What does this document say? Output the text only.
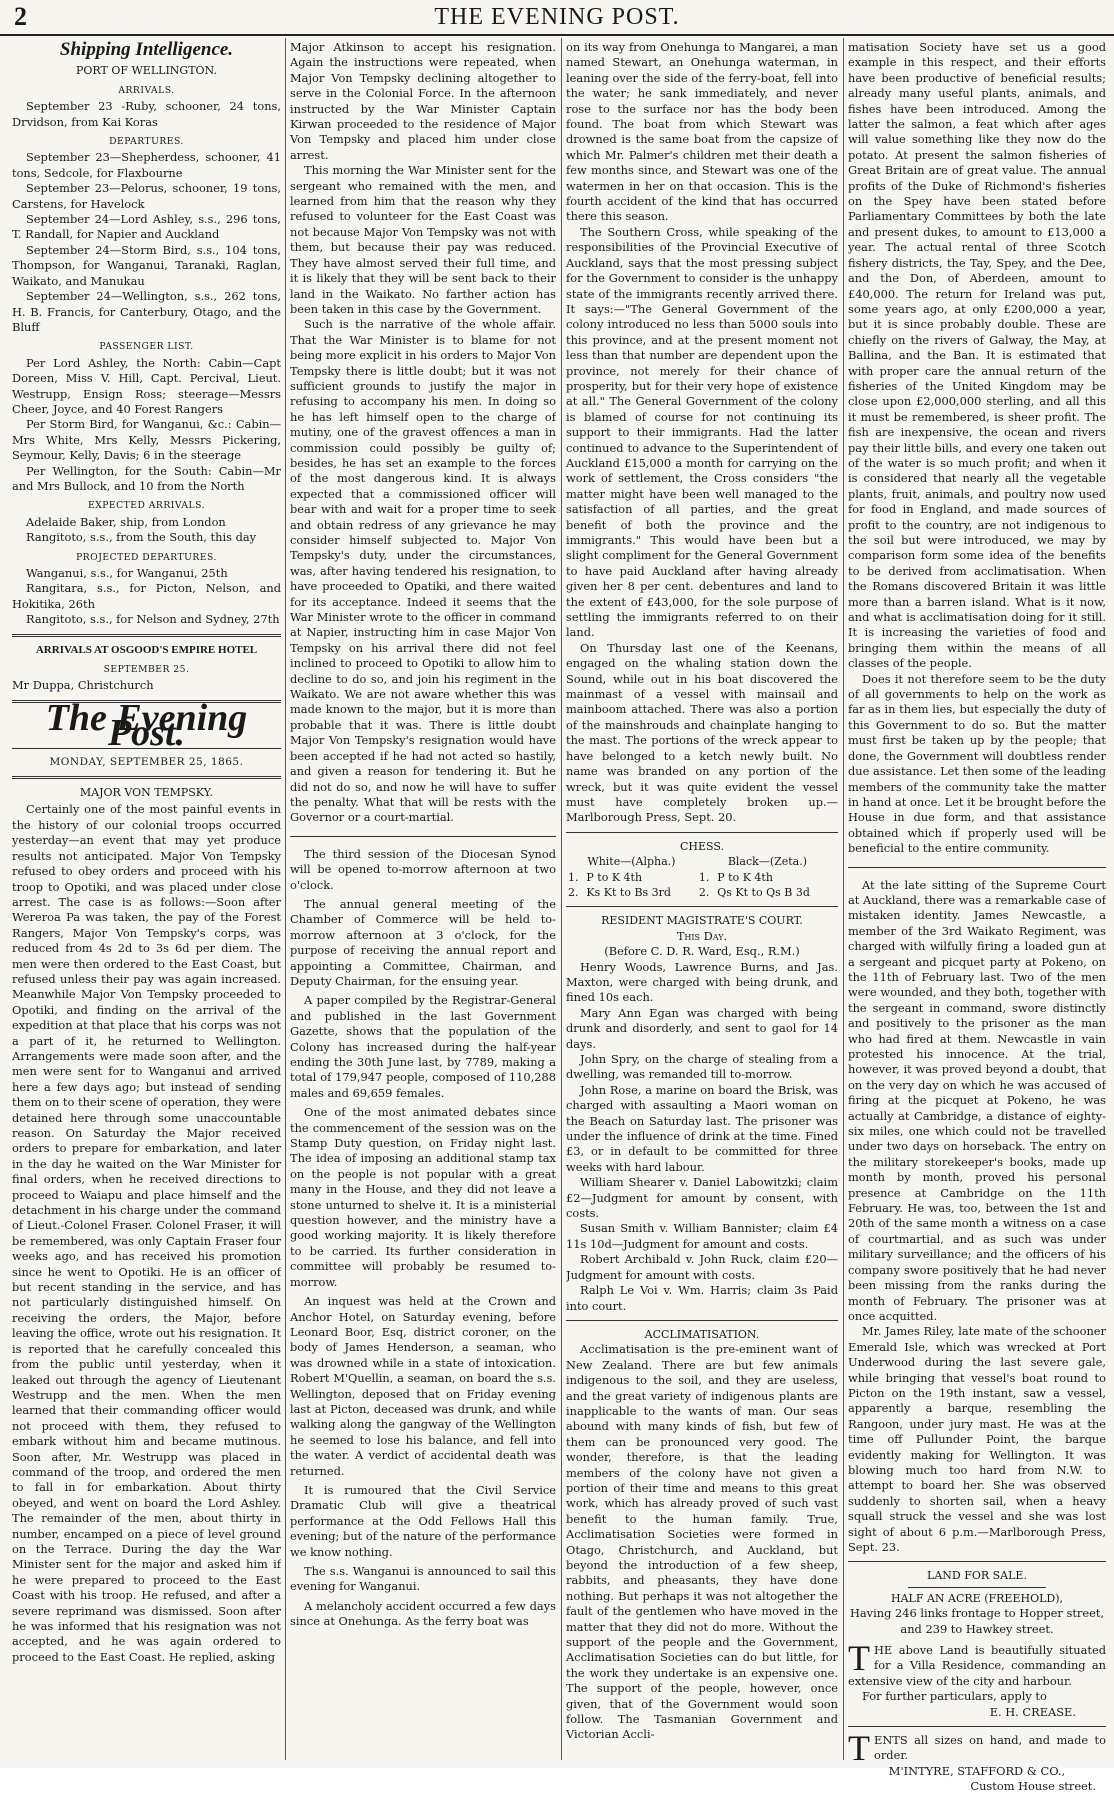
2	THE EVENING POST.
Shipping Intelligence.
PORT OF WELLINGTON.
ARRIVALS.

September 23 -Ruby, schooner, 24 tons, Drvidson, from Kai Koras

DEPARTURES.

September 23—Shepherdess, schooner, 41 tons, Sedcole, for Flaxbourne

September 23—Pelorus, schooner, 19 tons, Carstens, for Havelock

September 24—Lord Ashley, s.s., 296 tons, T. Randall, for Napier and Auckland

September 24—Storm Bird, s.s., 104 tons, Thompson, for Wanganui, Taranaki, Raglan, Waikato, and Manukau

September 24—Wellington, s.s., 262 tons, H. B. Francis, for Canterbury, Otago, and the Bluff

PASSENGER LIST.

Per Lord Ashley, the North: Cabin—Capt Doreen, Miss V. Hill, Capt. Percival, Lieut. Westrupp, Ensign Ross; steerage—Messrs Cheer, Joyce, and 40 Forest Rangers

Per Storm Bird, for Wanganui, &c.: Cabin—Mrs White, Mrs Kelly, Messrs Pickering, Seymour, Kelly, Davis; 6 in the steerage

Per Wellington, for the South: Cabin—Mr and Mrs Bullock, and 10 from the North

EXPECTED ARRIVALS.

Adelaide Baker, ship, from London

Rangitoto, s.s., from the South, this day

PROJECTED DEPARTURES.

Wanganui, s.s., for Wanganui, 25th

Rangitara, s.s., for Picton, Nelson, and Hokitika, 26th

Rangitoto, s.s., for Nelson and Sydney, 27th

ARRIVALS AT OSGOOD'S EMPIRE HOTEL
SEPTEMBER 25.

Mr Duppa, Christchurch

The Evening Post.
MONDAY, SEPTEMBER 25, 1865.
MAJOR VON TEMPSKY.

Certainly one of the most painful events in the history of our colonial troops occurred yesterday—an event that may yet produce results not anticipated. Major Von Tempsky refused to obey orders and proceed with his troop to Opotiki, and was placed under close arrest. The case is as follows:—Soon after Wereroa Pa was taken, the pay of the Forest Rangers, Major Von Tempsky's corps, was reduced from 4s 2d to 3s 6d per diem. The men were then ordered to the East Coast, but refused unless their pay was again increased. Meanwhile Major Von Tempsky proceeded to Opotiki, and finding on the arrival of the expedition at that place that his corps was not a part of it, he returned to Wellington. Arrangements were made soon after, and the men were sent for to Wanganui and arrived here a few days ago; but instead of sending them on to their scene of operation, they were detained here through some unaccountable reason. On Saturday the Major received orders to prepare for embarkation, and later in the day he waited on the War Minister for final orders, when he received directions to proceed to Waiapu and place himself and the detachment in his charge under the command of Lieut.-Colonel Fraser. Colonel Fraser, it will be remembered, was only Captain Fraser four weeks ago, and has received his promotion since he went to Opotiki. He is an officer of but recent standing in the service, and has not particularly distinguished himself. On receiving the orders, the Major, before leaving the office, wrote out his resignation. It is reported that he carefully concealed this from the public until yesterday, when it leaked out through the agency of Lieutenant Westrupp and the men. When the men learned that their commanding officer would not proceed with them, they refused to embark without him and became mutinous. Soon after, Mr. Westrupp was placed in command of the troop, and ordered the men to fall in for embarkation. About thirty obeyed, and went on board the Lord Ashley. The remainder of the men, about thirty in number, encamped on a piece of level ground on the Terrace. During the day the War Minister sent for the major and asked him if he were prepared to proceed to the East Coast with his troop. He refused, and after a severe reprimand was dismissed. Soon after he was informed that his resignation was not accepted, and he was again ordered to proceed to the East Coast. He replied, asking

Major Atkinson to accept his resignation. Again the instructions were repeated, when Major Von Tempsky declining altogether to serve in the Colonial Force. In the afternoon instructed by the War Minister Captain Kirwan proceeded to the residence of Major Von Tempsky and placed him under close arrest.

This morning the War Minister sent for the sergeant who remained with the men, and learned from him that the reason why they refused to volunteer for the East Coast was not because Major Von Tempsky was not with them, but because their pay was reduced. They have almost served their full time, and it is likely that they will be sent back to their land in the Waikato. No farther action has been taken in this case by the Government.

Such is the narrative of the whole affair. That the War Minister is to blame for not being more explicit in his orders to Major Von Tempsky there is little doubt; but it was not sufficient grounds to justify the major in refusing to accompany his men. In doing so he has left himself open to the charge of mutiny, one of the gravest offences a man in commission could possibly be guilty of; besides, he has set an example to the forces of the most dangerous kind. It is always expected that a commissioned officer will bear with and wait for a proper time to seek and obtain redress of any grievance he may consider himself subjected to. Major Von Tempsky's duty, under the circumstances, was, after having tendered his resignation, to have proceeded to Opatiki, and there waited for its acceptance. Indeed it seems that the War Minister wrote to the officer in command at Napier, instructing him in case Major Von Tempsky on his arrival there did not feel inclined to proceed to Opotiki to allow him to decline to do so, and join his regiment in the Waikato. We are not aware whether this was made known to the major, but it is more than probable that it was. There is little doubt Major Von Tempsky's resignation would have been accepted if he had not acted so hastily, and given a reason for tendering it. But he did not do so, and now he will have to suffer the penalty. What that will be rests with the Governor or a court-martial.

The third session of the Diocesan Synod will be opened to-morrow afternoon at two o'clock.

The annual general meeting of the Chamber of Commerce will be held to-morrow afternoon at 3 o'clock, for the purpose of receiving the annual report and appointing a Committee, Chairman, and Deputy Chairman, for the ensuing year.

A paper compiled by the Registrar-General and published in the last Government Gazette, shows that the population of the Colony has increased during the half-year ending the 30th June last, by 7789, making a total of 179,947 people, composed of 110,288 males and 69,659 females.

One of the most animated debates since the commencement of the session was on the Stamp Duty question, on Friday night last. The idea of imposing an additional stamp tax on the people is not popular with a great many in the House, and they did not leave a stone unturned to shelve it. It is a ministerial question however, and the ministry have a good working majority. It is likely therefore to be carried. Its further consideration in committee will probably be resumed to-morrow.

An inquest was held at the Crown and Anchor Hotel, on Saturday evening, before Leonard Boor, Esq, district coroner, on the body of James Henderson, a seaman, who was drowned while in a state of intoxication. Robert M'Quellin, a seaman, on board the s.s. Wellington, deposed that on Friday evening last at Picton, deceased was drunk, and while walking along the gangway of the Wellington he seemed to lose his balance, and fell into the water. A verdict of accidental death was returned.

It is rumoured that the Civil Service Dramatic Club will give a theatrical performance at the Odd Fellows Hall this evening; but of the nature of the performance we know nothing.

The s.s. Wanganui is announced to sail this evening for Wanganui.

A melancholy accident occurred a few days since at Onehunga. As the ferry boat was

on its way from Onehunga to Mangarei, a man named Stewart, an Onehunga waterman, in leaning over the side of the ferry-boat, fell into the water; he sank immediately, and never rose to the surface nor has the body been found. The boat from which Stewart was drowned is the same boat from the capsize of which Mr. Palmer's children met their death a few months since, and Stewart was one of the watermen in her on that occasion. This is the fourth accident of the kind that has occurred there this season.

The Southern Cross, while speaking of the responsibilities of the Provincial Executive of Auckland, says that the most pressing subject for the Government to consider is the unhappy state of the immigrants recently arrived there. It says:—"The General Government of the colony introduced no less than 5000 souls into this province, and at the present moment not less than that number are dependent upon the province, not merely for their chance of prosperity, but for their very hope of existence at all." The General Government of the colony is blamed of course for not continuing its support to their immigrants. Had the latter continued to advance to the Superintendent of Auckland £15,000 a month for carrying on the work of settlement, the Cross considers "the matter might have been well managed to the satisfaction of all parties, and the great benefit of both the province and the immigrants." This would have been but a slight compliment for the General Government to have paid Auckland after having already given her 8 per cent. debentures and land to the extent of £43,000, for the sole purpose of settling the immigrants referred to on their land.

On Thursday last one of the Keenans, engaged on the whaling station down the Sound, while out in his boat discovered the mainmast of a vessel with mainsail and mainboom attached. There was also a portion of the mainshrouds and chainplate hanging to the mast. The portions of the wreck appear to have belonged to a ketch newly built. No name was branded on any portion of the wreck, but it was quite evident the vessel must have completely broken up.—Marlborough Press, Sept. 20.

CHESS.
White—(Alpha.)		Black—(Zeta.)	
1.	P to K 4th	1.	P to K 4th
2.	Ks Kt to Bs 3rd	2.	Qs Kt to Qs B 3d
RESIDENT MAGISTRATE'S COURT.
This Day.
(Before C. D. R. Ward, Esq., R.M.)

Henry Woods, Lawrence Burns, and Jas. Maxton, were charged with being drunk, and fined 10s each.

Mary Ann Egan was charged with being drunk and disorderly, and sent to gaol for 14 days.

John Spry, on the charge of stealing from a dwelling, was remanded till to-morrow.

John Rose, a marine on board the Brisk, was charged with assaulting a Maori woman on the Beach on Saturday last. The prisoner was under the influence of drink at the time. Fined £3, or in default to be committed for three weeks with hard labour.

William Shearer v. Daniel Labowitzki; claim £2—Judgment for amount by consent, with costs.

Susan Smith v. William Bannister; claim £4 11s 10d—Judgment for amount and costs.

Robert Archibald v. John Ruck, claim £20—Judgment for amount with costs.

Ralph Le Voi v. Wm. Harris; claim 3s Paid into court.

ACCLIMATISATION.

Acclimatisation is the pre-eminent want of New Zealand. There are but few animals indigenous to the soil, and they are useless, and the great variety of indigenous plants are inapplicable to the wants of man. Our seas abound with many kinds of fish, but few of them can be pronounced very good. The wonder, therefore, is that the leading members of the colony have not given a portion of their time and means to this great work, which has already proved of such vast benefit to the human family. True, Acclimatisation Societies were formed in Otago, Christchurch, and Auckland, but beyond the introduction of a few sheep, rabbits, and pheasants, they have done nothing. But perhaps it was not altogether the fault of the gentlemen who have moved in the matter that they did not do more. Without the support of the people and the Government, Acclimatisation Societies can do but little, for the work they undertake is an expensive one. The support of the people, however, once given, that of the Government would soon follow. The Tasmanian Government and Victorian Accli-

matisation Society have set us a good example in this respect, and their efforts have been productive of beneficial results; already many useful plants, animals, and fishes have been introduced. Among the latter the salmon, a feat which after ages will value something like they now do the potato. At present the salmon fisheries of Great Britain are of great value. The annual profits of the Duke of Richmond's fisheries on the Spey have been stated before Parliamentary Committees by both the late and present dukes, to amount to £13,000 a year. The actual rental of three Scotch fishery districts, the Tay, Spey, and the Dee, and the Don, of Aberdeen, amount to £40,000. The return for Ireland was put, some years ago, at only £200,000 a year, but it is since probably double. These are chiefly on the rivers of Galway, the May, at Ballina, and the Ban. It is estimated that with proper care the annual return of the fisheries of the United Kingdom may be close upon £2,000,000 sterling, and all this it must be remembered, is sheer profit. The fish are inexpensive, the ocean and rivers pay their little bills, and every one taken out of the water is so much profit; and when it is considered that nearly all the vegetable plants, fruit, animals, and poultry now used for food in England, and made sources of profit to the country, are not indigenous to the soil but were introduced, we may by comparison form some idea of the benefits to be derived from acclimatisation. When the Romans discovered Britain it was little more than a barren island. What is it now, and what is acclimatisation doing for it still. It is increasing the varieties of food and bringing them within the means of all classes of the people.

Does it not therefore seem to be the duty of all governments to help on the work as far as in them lies, but especially the duty of this Government to do so. But the matter must first be taken up by the people; that done, the Government will doubtless render due assistance. Let then some of the leading members of the community take the matter in hand at once. Let it be brought before the House in due form, and that assistance obtained which if properly used will be beneficial to the entire community.

At the late sitting of the Supreme Court at Auckland, there was a remarkable case of mistaken identity. James Newcastle, a member of the 3rd Waikato Regiment, was charged with wilfully firing a loaded gun at a sergeant and picquet party at Pokeno, on the 11th of February last. Two of the men were wounded, and they both, together with the sergeant in command, swore distinctly and positively to the prisoner as the man who had fired at them. Newcastle in vain protested his innocence. At the trial, however, it was proved beyond a doubt, that on the very day on which he was accused of firing at the picquet at Pokeno, he was actually at Cambridge, a distance of eighty-six miles, one which could not be travelled under two days on horseback. The entry on the military storekeeper's books, made up month by month, proved his personal presence at Cambridge on the 11th February. He was, too, between the 1st and 20th of the same month a witness on a case of courtmartial, and as such was under military surveillance; and the officers of his company swore positively that he had never been missing from the ranks during the month of February. The prisoner was at once acquitted.

Mr. James Riley, late mate of the schooner Emerald Isle, which was wrecked at Port Underwood during the last severe gale, while bringing that vessel's boat round to Picton on the 19th instant, saw a vessel, apparently a barque, resembling the Rangoon, under jury mast. He was at the time off Pullunder Point, the barque evidently making for Wellington. It was blowing much too hard from N.W. to attempt to board her. She was observed suddenly to shorten sail, when a heavy squall struck the vessel and she was lost sight of about 6 p.m.—Marlborough Press, Sept. 23.

LAND FOR SALE.
HALF AN ACRE (FREEHOLD),
Having 246 links frontage to Hopper street,
and 239 to Hawkey street.

THE above Land is beautifully situated for a Villa Residence, commanding an extensive view of the city and harbour.

For further particulars, apply to

E. H. CREASE.

TENTS all sizes on hand, and made to order.

M'INTYRE, STAFFORD & CO.,
Custom House street.
